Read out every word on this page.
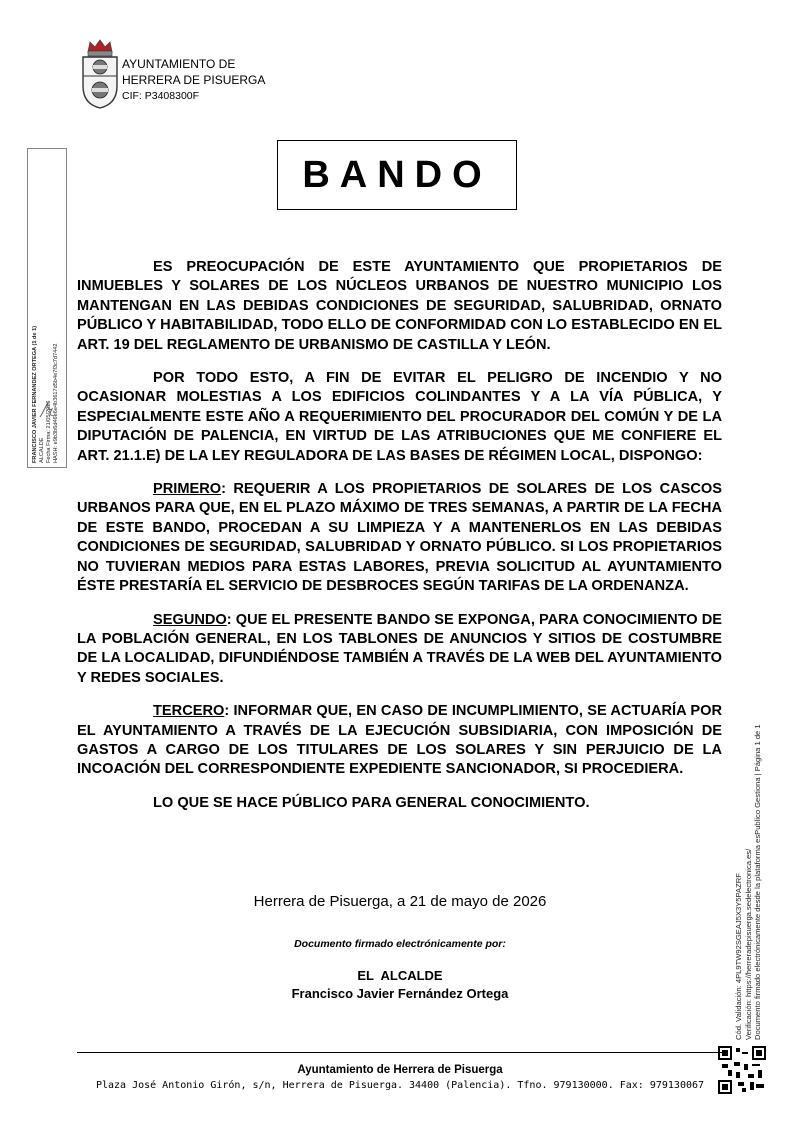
AYUNTAMIENTO DE
HERRERA DE PISUERGA
CIF: P3408300F
FRANCISCO JAVIER FERNANDEZ ORTEGA (1 de 1) ALCALDE Fecha Firma: 21/05/2026 HASH: e9b3b6d46e6e4b3617d5b4e7f3c7d7442
BANDO

ES PREOCUPACIÓN DE ESTE AYUNTAMIENTO QUE PROPIETARIOS DE INMUEBLES Y SOLARES DE LOS NÚCLEOS URBANOS DE NUESTRO MUNICIPIO LOS MANTENGAN EN LAS DEBIDAS CONDICIONES DE SEGURIDAD, SALUBRIDAD, ORNATO PÚBLICO Y HABITABILIDAD, TODO ELLO DE CONFORMIDAD CON LO ESTABLECIDO EN EL ART. 19 DEL REGLAMENTO DE URBANISMO DE CASTILLA Y LEÓN.

POR TODO ESTO, A FIN DE EVITAR EL PELIGRO DE INCENDIO Y NO OCASIONAR MOLESTIAS A LOS EDIFICIOS COLINDANTES Y A LA VÍA PÚBLICA, Y ESPECIALMENTE ESTE AÑO A REQUERIMIENTO DEL PROCURADOR DEL COMÚN Y DE LA DIPUTACIÓN DE PALENCIA, EN VIRTUD DE LAS ATRIBUCIONES QUE ME CONFIERE EL ART. 21.1.E) DE LA LEY REGULADORA DE LAS BASES DE RÉGIMEN LOCAL, DISPONGO:

PRIMERO: REQUERIR A LOS PROPIETARIOS DE SOLARES DE LOS CASCOS URBANOS PARA QUE, EN EL PLAZO MÁXIMO DE TRES SEMANAS, A PARTIR DE LA FECHA DE ESTE BANDO, PROCEDAN A SU LIMPIEZA Y A MANTENERLOS EN LAS DEBIDAS CONDICIONES DE SEGURIDAD, SALUBRIDAD Y ORNATO PÚBLICO. SI LOS PROPIETARIOS NO TUVIERAN MEDIOS PARA ESTAS LABORES, PREVIA SOLICITUD AL AYUNTAMIENTO ÉSTE PRESTARÍA EL SERVICIO DE DESBROCES SEGÚN TARIFAS DE LA ORDENANZA.

SEGUNDO: QUE EL PRESENTE BANDO SE EXPONGA, PARA CONOCIMIENTO DE LA POBLACIÓN GENERAL, EN LOS TABLONES DE ANUNCIOS Y SITIOS DE COSTUMBRE DE LA LOCALIDAD, DIFUNDIÉNDOSE TAMBIÉN A TRAVÉS DE LA WEB DEL AYUNTAMIENTO Y REDES SOCIALES.

TERCERO: INFORMAR QUE, EN CASO DE INCUMPLIMIENTO, SE ACTUARÍA POR EL AYUNTAMIENTO A TRAVÉS DE LA EJECUCIÓN SUBSIDIARIA, CON IMPOSICIÓN DE GASTOS A CARGO DE LOS TITULARES DE LOS SOLARES Y SIN PERJUICIO DE LA INCOACIÓN DEL CORRESPONDIENTE EXPEDIENTE SANCIONADOR, SI PROCEDIERA.

LO QUE SE HACE PÚBLICO PARA GENERAL CONOCIMIENTO.

Herrera de Pisuerga, a 21 de mayo de 2026
Documento firmado electrónicamente por:
EL  ALCALDE
Francisco Javier Fernández Ortega	Cód. Validación: 4PL9TW92SGEAJ5X3Y5PAZRF Verificación: https://herreradepisuerga.sedelectronica.es/ Documento firmado electrónicamente desde la plataforma esPublico Gestiona | Página 1 de 1
Ayuntamiento de Herrera de Pisuerga
Plaza José Antonio Girón, s/n, Herrera de Pisuerga. 34400 (Palencia). Tfno. 979130000. Fax: 979130067
